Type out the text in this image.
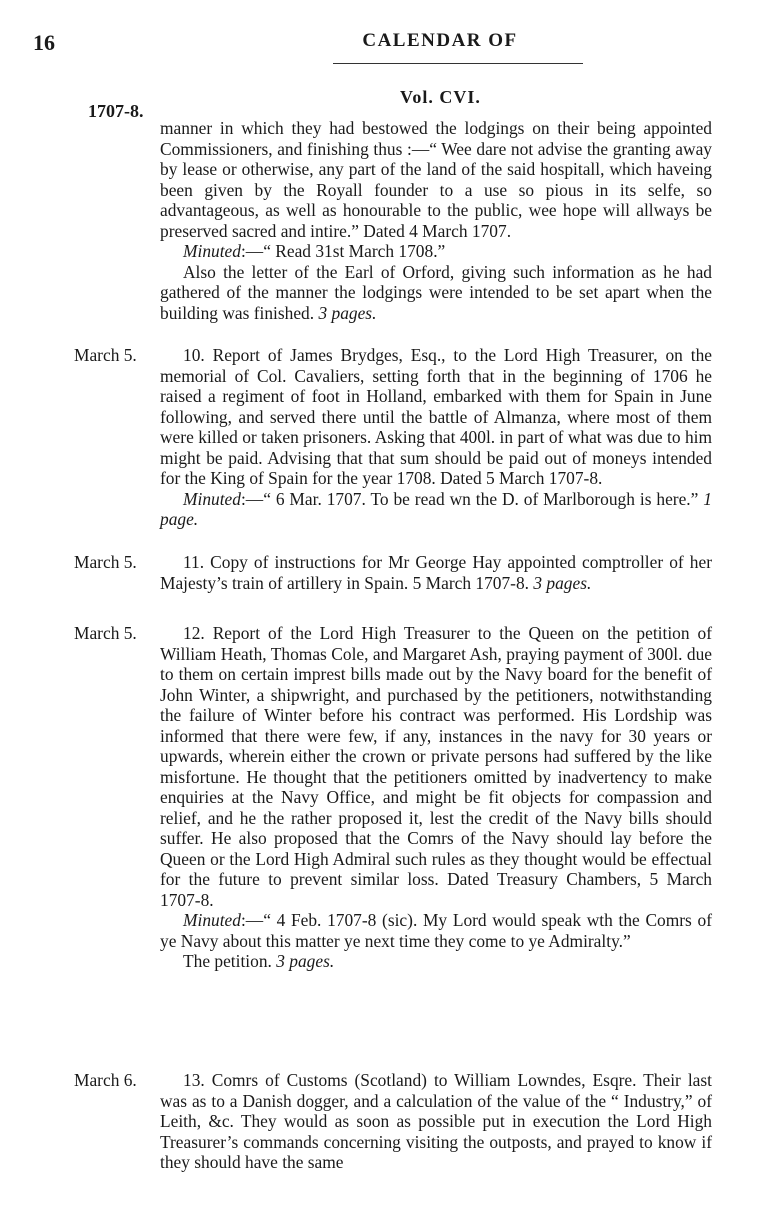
16	CALENDAR OF
Vol. CVI.
1707-8.

manner in which they had bestowed the lodgings on their being appointed Commissioners, and finishing thus :—“ Wee dare not advise the granting away by lease or otherwise, any part of the land of the said hospitall, which haveing been given by the Royall founder to a use so pious in its selfe, so advantageous, as well as honourable to the public, wee hope will allways be preserved sacred and intire.” Dated 4 March 1707.

Minuted:—“ Read 31st March 1708.”

Also the letter of the Earl of Orford, giving such information as he had gathered of the manner the lodgings were intended to be set apart when the building was finished. 3 pages.

March 5.	10. Report of James Brydges, Esq., to the Lord High Treasurer, on the memorial of Col. Cavaliers, setting forth that in the beginning of 1706 he raised a regiment of foot in Holland, embarked with them for Spain in June following, and served there until the battle of Almanza, where most of them were killed or taken prisoners. Asking that 400l. in part of what was due to him might be paid. Advising that that sum should be paid out of moneys intended for the King of Spain for the year 1708. Dated 5 March 1707-8.

Minuted:—“ 6 Mar. 1707. To be read wn the D. of Marlborough is here.” 1 page.

March 5.	11. Copy of instructions for Mr George Hay appointed comptroller of her Majesty’s train of artillery in Spain. 5 March 1707-8. 3 pages.

March 5.	12. Report of the Lord High Treasurer to the Queen on the petition of William Heath, Thomas Cole, and Margaret Ash, praying payment of 300l. due to them on certain imprest bills made out by the Navy board for the benefit of John Winter, a shipwright, and purchased by the petitioners, notwithstanding the failure of Winter before his contract was performed. His Lordship was informed that there were few, if any, instances in the navy for 30 years or upwards, wherein either the crown or private persons had suffered by the like misfortune. He thought that the petitioners omitted by inadvertency to make enquiries at the Navy Office, and might be fit objects for compassion and relief, and he the rather proposed it, lest the credit of the Navy bills should suffer. He also proposed that the Comrs of the Navy should lay before the Queen or the Lord High Admiral such rules as they thought would be effectual for the future to prevent similar loss. Dated Treasury Chambers, 5 March 1707-8.

Minuted:—“ 4 Feb. 1707-8 (sic). My Lord would speak wth the Comrs of ye Navy about this matter ye next time they come to ye Admiralty.”

The petition. 3 pages.

March 6.	13. Comrs of Customs (Scotland) to William Lowndes, Esqre. Their last was as to a Danish dogger, and a calculation of the value of the “ Industry,” of Leith, &c. They would as soon as possible put in execution the Lord High Treasurer’s commands concerning visiting the outposts, and prayed to know if they should have the same
